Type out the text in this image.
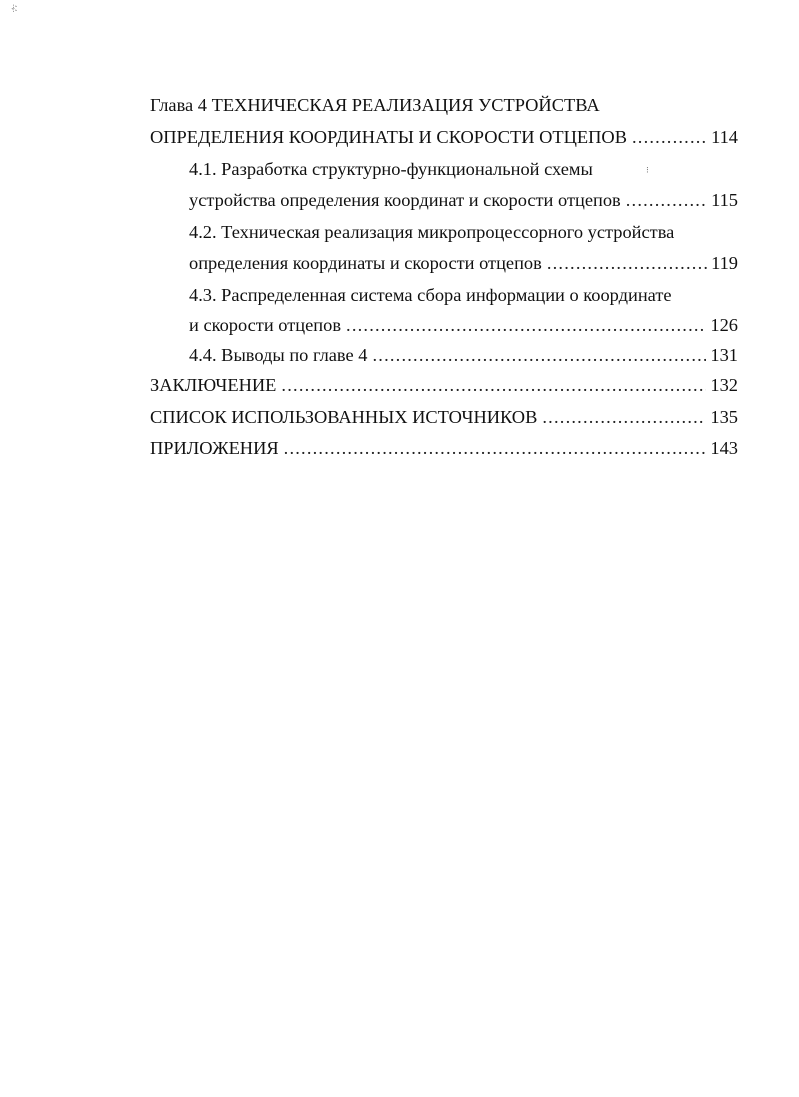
·ʹ·›ʹ·
⁝
Глава 4 ТЕХНИЧЕСКАЯ РЕАЛИЗАЦИЯ УСТРОЙСТВА
ОПРЕДЕЛЕНИЯ КООРДИНАТЫ И СКОРОСТИ ОТЦЕПОВ .....	114
4.1. Разработка структурно-функциональной схемы
устройства определения координат и скорости отцепов .....	115
4.2. Техническая реализация микропроцессорного устройства
определения координаты и скорости отцепов .....	119
4.3. Распределенная система сбора информации о координате
и скорости отцепов .....	126
4.4. Выводы по главе 4 .....	131
ЗАКЛЮЧЕНИЕ .....	132
СПИСОК ИСПОЛЬЗОВАННЫХ ИСТОЧНИКОВ .....	135
ПРИЛОЖЕНИЯ .....	143
